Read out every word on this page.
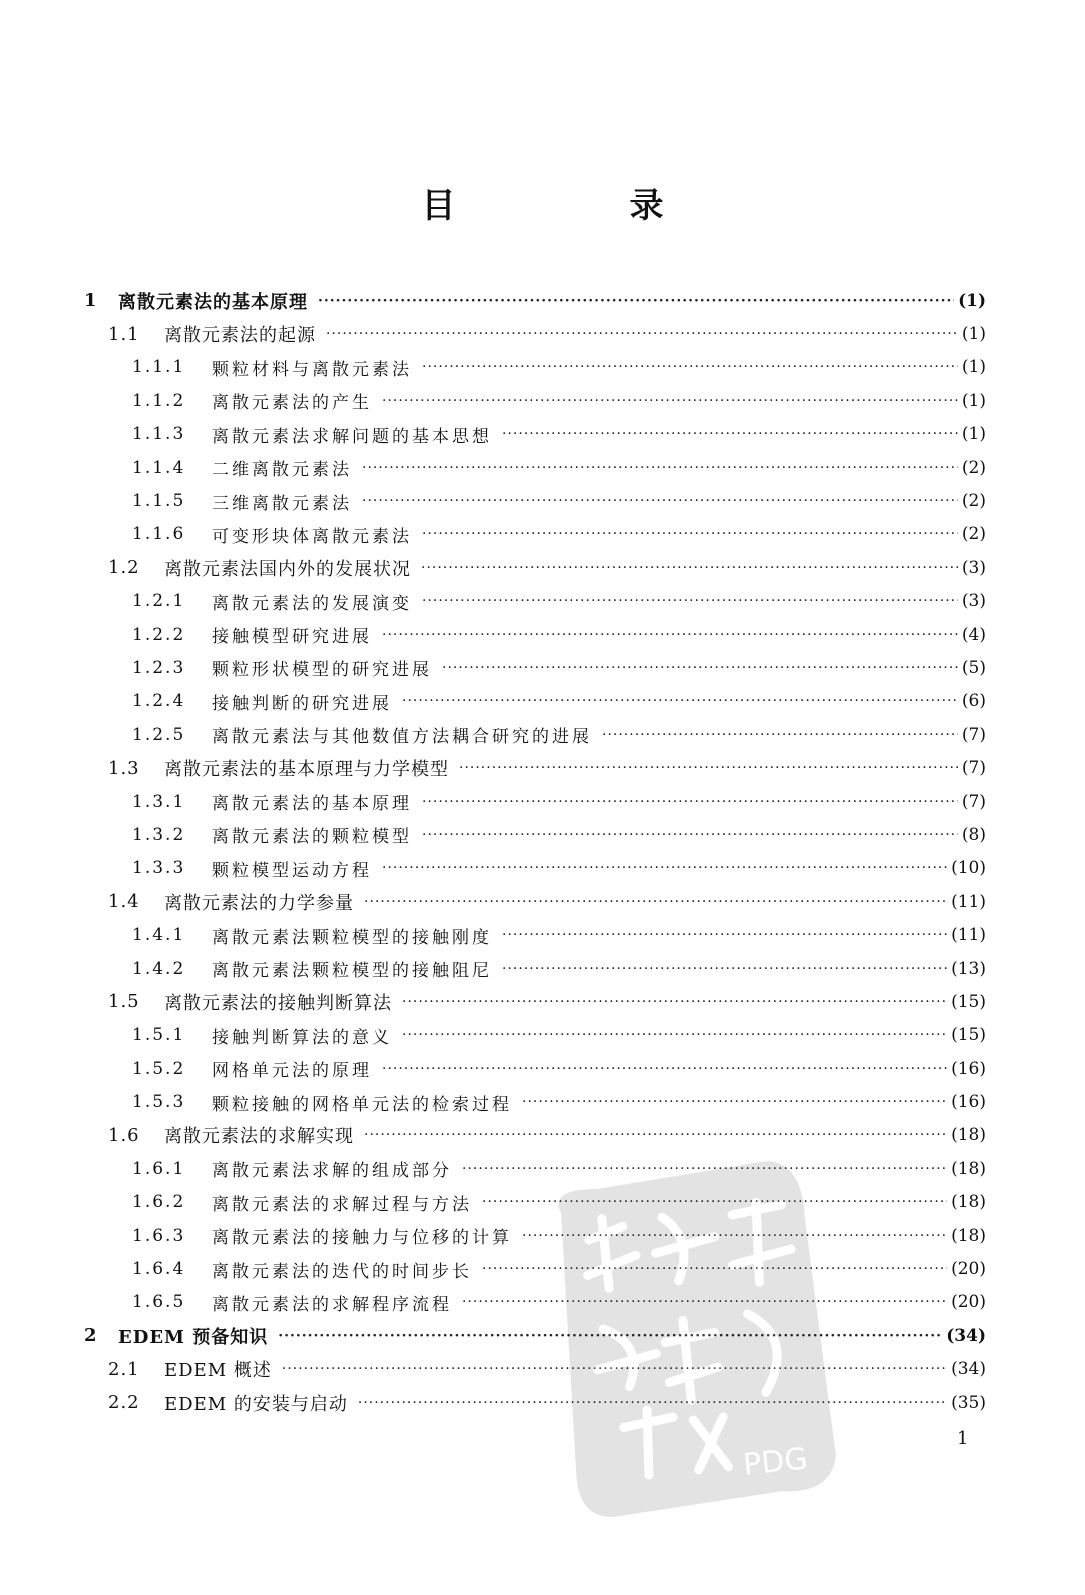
目　录
1	离散元素法的基本原理 ·····	(1)
1.1	离散元素法的起源 ·····	(1)
1.1.1	颗粒材料与离散元素法 ·····	(1)
1.1.2	离散元素法的产生 ·····	(1)
1.1.3	离散元素法求解问题的基本思想 ·····	(1)
1.1.4	二维离散元素法 ·····	(2)
1.1.5	三维离散元素法 ·····	(2)
1.1.6	可变形块体离散元素法 ·····	(2)
1.2	离散元素法国内外的发展状况 ·····	(3)
1.2.1	离散元素法的发展演变 ·····	(3)
1.2.2	接触模型研究进展 ·····	(4)
1.2.3	颗粒形状模型的研究进展 ·····	(5)
1.2.4	接触判断的研究进展 ·····	(6)
1.2.5	离散元素法与其他数值方法耦合研究的进展 ·····	(7)
1.3	离散元素法的基本原理与力学模型 ·····	(7)
1.3.1	离散元素法的基本原理 ·····	(7)
1.3.2	离散元素法的颗粒模型 ·····	(8)
1.3.3	颗粒模型运动方程 ·····	(10)
1.4	离散元素法的力学参量 ·····	(11)
1.4.1	离散元素法颗粒模型的接触刚度 ·····	(11)
1.4.2	离散元素法颗粒模型的接触阻尼 ·····	(13)
1.5	离散元素法的接触判断算法 ·····	(15)
1.5.1	接触判断算法的意义 ·····	(15)
1.5.2	网格单元法的原理 ·····	(16)
1.5.3	颗粒接触的网格单元法的检索过程 ·····	(16)
1.6	离散元素法的求解实现 ·····	(18)
1.6.1	离散元素法求解的组成部分 ·····	(18)
1.6.2	离散元素法的求解过程与方法 ·····	(18)
1.6.3	离散元素法的接触力与位移的计算 ·····	(18)
1.6.4	离散元素法的迭代的时间步长 ·····	(20)
1.6.5	离散元素法的求解程序流程 ·····	(20)
2	EDEM 预备知识 ·····	(34)
2.1	EDEM 概述 ·····	(34)
2.2	EDEM 的安装与启动 ·····	(35)
1
PDG
